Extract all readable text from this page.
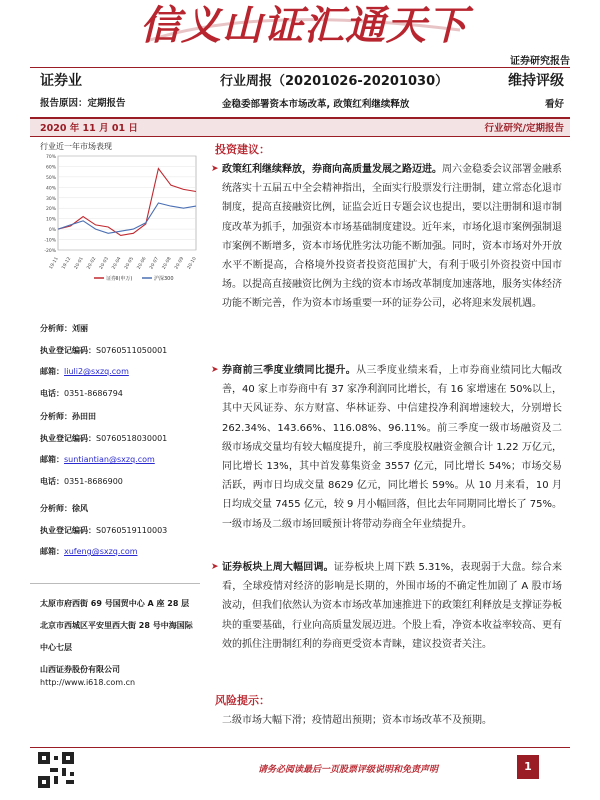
信义山证汇通天下
证券研究报告
证券业
报告原因：定期报告
行业周报（20201026-20201030）
金稳委部署资本市场改革, 政策红利继续释放
维持评级
看好
2020 年 11 月 01 日	行业研究/定期报告
行业近一年市场表现
-20%
-10%
0%
10%
20%
30%
40%
50%
60%
70%
19-11 19-12 20-01 20-02 20-03 20-04 20-05 20-06 20-07 20-08 20-09 20-10
证券Ⅱ(申万)	沪深300
分析师：刘丽
执业登记编码：S0760511050001
邮箱：liuli2@sxzq.com
电话：0351-8686794
分析师：孙田田
执业登记编码：S0760518030001
邮箱：suntiantian@sxzq.com
电话：0351-8686900
分析师：徐风
执业登记编码：S0760519110003
邮箱：xufeng@sxzq.com
太原市府西街 69 号国贸中心 A 座 28 层
北京市西城区平安里西大街 28 号中海国际中心七层
山西证券股份有限公司
http://www.i618.com.cn
投资建议：
➤ 政策红利继续释放，券商向高质量发展之路迈进。周六金稳委会议部署金融系统落实十五届五中全会精神指出，全面实行股票发行注册制，建立常态化退市制度，提高直接融资比例，证监会近日专题会议也提出，要以注册制和退市制度改革为抓手，加强资本市场基础制度建设。近年来，市场化退市案例强制退市案例不断增多，资本市场优胜劣汰功能不断加强。同时，资本市场对外开放水平不断提高，合格境外投资者投资范围扩大，有利于吸引外资投资中国市场。以提高直接融资比例为主线的资本市场改革制度加速落地，服务实体经济功能不断完善，作为资本市场重要一环的证券公司，必将迎来发展机遇。
➤ 券商前三季度业绩同比提升。从三季度业绩来看，上市券商业绩同比大幅改善，40 家上市券商中有 37 家净利润同比增长，有 16 家增速在 50%以上，其中天风证券、东方财富、华林证券、中信建投净利润增速较大，分别增长 262.34%、143.66%、116.08%、96.11%。前三季度一级市场融资及二级市场成交量均有较大幅度提升，前三季度股权融资金额合计 1.22 万亿元，同比增长 13%，其中首发募集资金 3557 亿元，同比增长 54%；市场交易活跃，两市日均成交量 8629 亿元，同比增长 59%。从 10 月来看，10 月日均成交量 7455 亿元，较 9 月小幅回落，但比去年同期同比增长了 75%。一级市场及二级市场回暖预计将带动券商全年业绩提升。
➤ 证券板块上周大幅回调。证券板块上周下跌 5.31%，表现弱于大盘。综合来看，全球疫情对经济的影响是长期的，外围市场的不确定性加剧了 A 股市场波动，但我们依然认为资本市场改革加速推进下的政策红利释放是支撑证券板块的重要基础，行业向高质量发展迈进。个股上看，净资本收益率较高、更有效的抓住注册制红利的券商更受资本青睐，建议投资者关注。
风险提示：
二级市场大幅下滑；疫情超出预期；资本市场改革不及预期。
请务必阅读最后一页股票评级说明和免责声明	1
